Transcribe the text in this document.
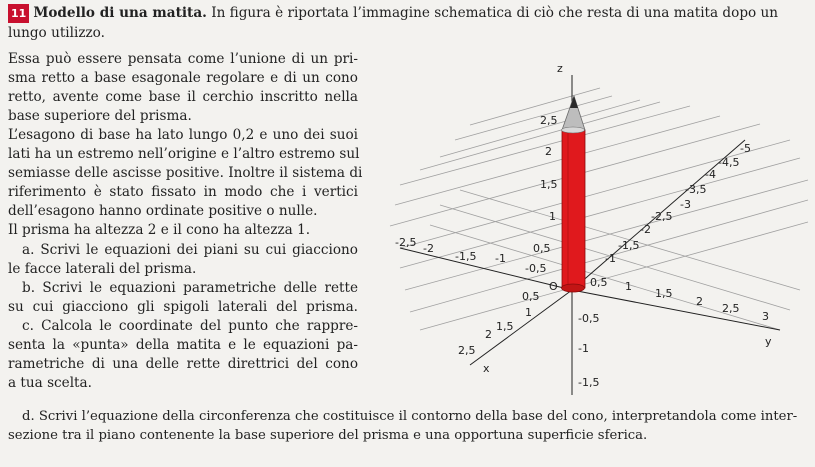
z
y
x
O
2,5
2
1,5
1
0,5
-0,5
-1
-1,5
0,5 1
1,5
2
2,5
3
0,5
1
1,5
2
2,5
-2,5 -2
-1,5 -1
-0,5
-5
-4,5
-4
-3,5
-3
-2,5
-2
-1,5
-1
11 Modello di una matita. In figura è riportata l’immagine schematica di ciò che resta di una matita dopo un
lungo utilizzo.
Essa può essere pensata come l’unione di un pri-
sma retto a base esagonale regolare e di un cono
retto, avente come base il cerchio inscritto nella
base superiore del prisma.
L’esagono di base ha lato lungo 0,2 e uno dei suoi
lati ha un estremo nell’origine e l’altro estremo sul
semiasse delle ascisse positive. Inoltre il sistema di
riferimento è stato fissato in modo che i vertici
dell’esagono hanno ordinate positive o nulle.
Il prisma ha altezza 2 e il cono ha altezza 1.
a. Scrivi le equazioni dei piani su cui giacciono
le facce laterali del prisma.
b. Scrivi le equazioni parametriche delle rette
su cui giacciono gli spigoli laterali del prisma.
c. Calcola le coordinate del punto che rappre-
senta la «punta» della matita e le equazioni pa-
rametriche di una delle rette direttrici del cono
a tua scelta.
d. Scrivi l’equazione della circonferenza che costituisce il contorno della base del cono, interpretandola come inter-
sezione tra il piano contenente la base superiore del prisma e una opportuna superficie sferica.
